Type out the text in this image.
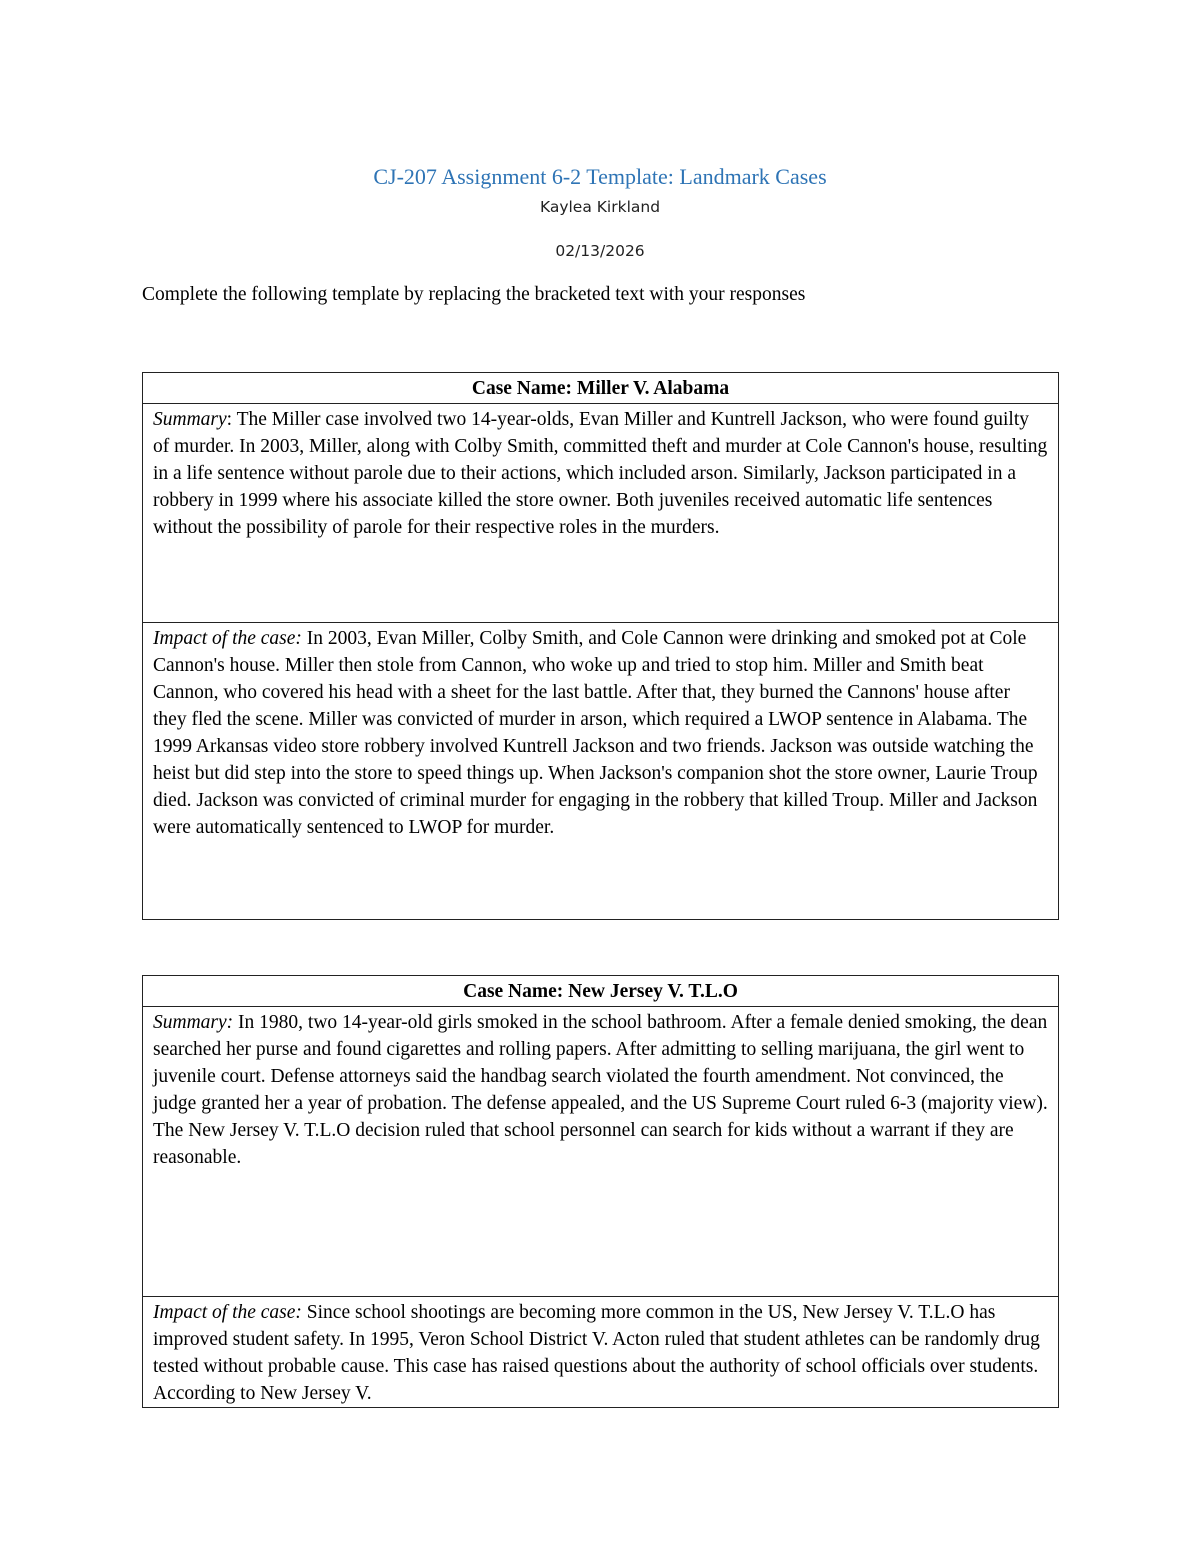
CJ-207 Assignment 6-2 Template: Landmark Cases
Kaylea Kirkland
02/13/2026
Complete the following template by replacing the bracketed text with your responses
Case Name: Miller V. Alabama
Summary: The Miller case involved two 14-year-olds, Evan Miller and Kuntrell Jackson, who were found guilty of murder. In 2003, Miller, along with Colby Smith, committed theft and murder at Cole Cannon's house, resulting in a life sentence without parole due to their actions, which included arson. Similarly, Jackson participated in a robbery in 1999 where his associate killed the store owner. Both juveniles received automatic life sentences without the possibility of parole for their respective roles in the murders.
Impact of the case: In 2003, Evan Miller, Colby Smith, and Cole Cannon were drinking and smoked pot at Cole Cannon's house. Miller then stole from Cannon, who woke up and tried to stop him. Miller and Smith beat Cannon, who covered his head with a sheet for the last battle. After that, they burned the Cannons' house after they fled the scene. Miller was convicted of murder in arson, which required a LWOP sentence in Alabama. The 1999 Arkansas video store robbery involved Kuntrell Jackson and two friends. Jackson was outside watching the heist but did step into the store to speed things up. When Jackson's companion shot the store owner, Laurie Troup died. Jackson was convicted of criminal murder for engaging in the robbery that killed Troup. Miller and Jackson were automatically sentenced to LWOP for murder.
Case Name: New Jersey V. T.L.O
Summary: In 1980, two 14-year-old girls smoked in the school bathroom. After a female denied smoking, the dean searched her purse and found cigarettes and rolling papers. After admitting to selling marijuana, the girl went to juvenile court. Defense attorneys said the handbag search violated the fourth amendment. Not convinced, the judge granted her a year of probation. The defense appealed, and the US Supreme Court ruled 6-3 (majority view). The New Jersey V. T.L.O decision ruled that school personnel can search for kids without a warrant if they are reasonable.

Impact of the case: Since school shootings are becoming more common in the US, New Jersey V. T.L.O has improved student safety. In 1995, Veron School District V. Acton ruled that student athletes can be randomly drug tested without probable cause. This case has raised questions about the authority of school officials over students. According to New Jersey V.
